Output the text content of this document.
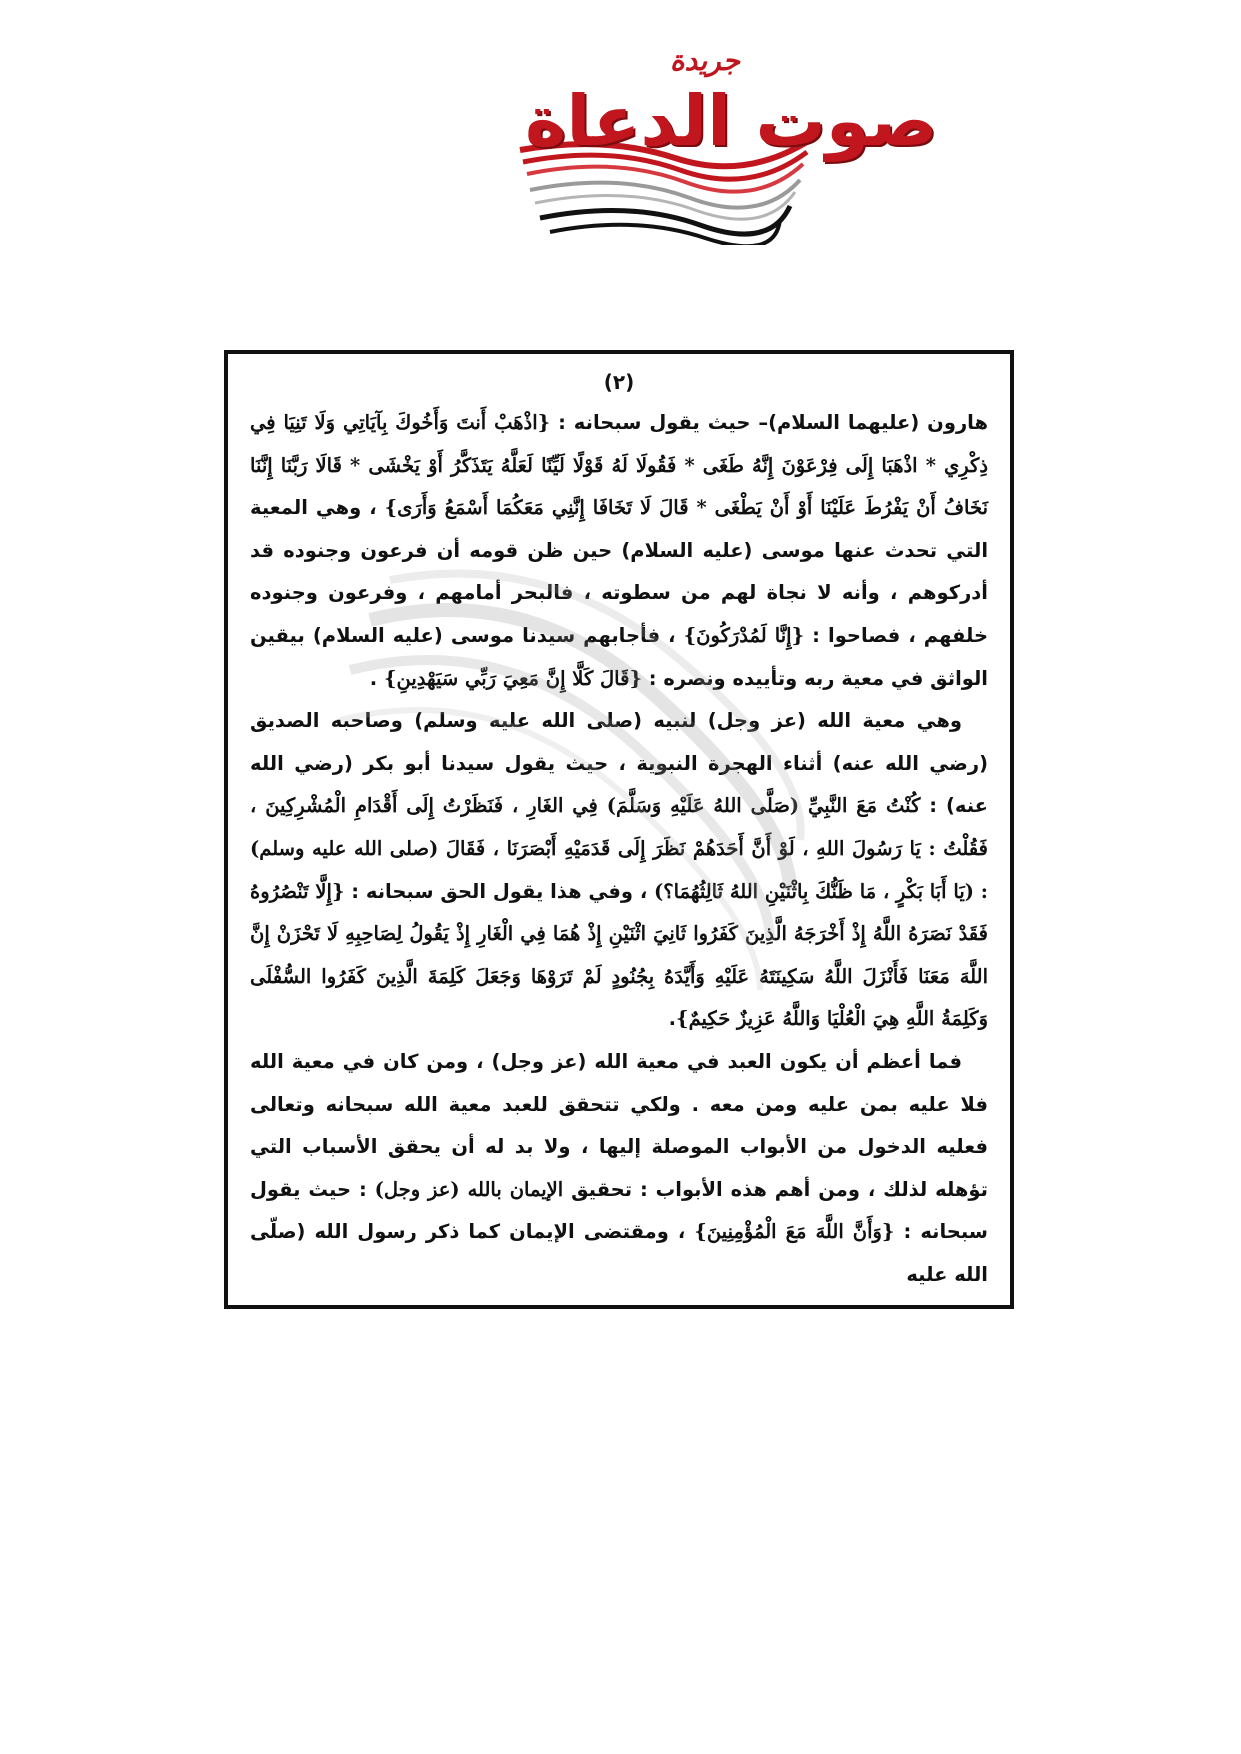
جريدة
صوت الدعاة
(٢)

هارون (عليهما السلام)– حيث يقول سبحانه : {اذْهَبْ أَنتَ وَأَخُوكَ بِآيَاتِي وَلَا تَنِيَا فِي ذِكْرِي * اذْهَبَا إِلَى فِرْعَوْنَ إِنَّهُ طَغَى * فَقُولَا لَهُ قَوْلًا لَيِّنًا لَعَلَّهُ يَتَذَكَّرُ أَوْ يَخْشَى * قَالَا رَبَّنَا إِنَّنَا نَخَافُ أَنْ يَفْرُطَ عَلَيْنَا أَوْ أَنْ يَطْغَى * قَالَ لَا تَخَافَا إِنَّنِي مَعَكُمَا أَسْمَعُ وَأَرَى} ، وهي المعية التي تحدث عنها موسى (عليه السلام) حين ظن قومه أن فرعون وجنوده قد أدركوهم ، وأنه لا نجاة لهم من سطوته ، فالبحر أمامهم ، وفرعون وجنوده خلفهم ، فصاحوا : {إِنَّا لَمُدْرَكُونَ} ، فأجابهم سيدنا موسى (عليه السلام) بيقين الواثق في معية ربه وتأييده ونصره : {قَالَ كَلَّا إِنَّ مَعِيَ رَبِّي سَيَهْدِينِ} .

وهي معية الله (عز وجل) لنبيه (صلى الله عليه وسلم) وصاحبه الصديق (رضي الله عنه) أثناء الهجرة النبوية ، حيث يقول سيدنا أبو بكر (رضي الله عنه) : كُنْتُ مَعَ النَّبِيِّ (صَلَّى اللهُ عَلَيْهِ وَسَلَّمَ) فِي الغَارِ ، فَنَظَرْتُ إِلَى أَقْدَامِ الْمُشْرِكِينَ ، فَقُلْتُ : يَا رَسُولَ اللهِ ، لَوْ أَنَّ أَحَدَهُمْ نَظَرَ إِلَى قَدَمَيْهِ أَبْصَرَنَا ، فَقَالَ (صلى الله عليه وسلم) : (يَا أَبَا بَكْرٍ ، مَا ظَنُّكَ بِاثْنَيْنِ اللهُ ثَالِثُهُمَا؟) ، وفي هذا يقول الحق سبحانه : {إِلَّا تَنْصُرُوهُ فَقَدْ نَصَرَهُ اللَّهُ إِذْ أَخْرَجَهُ الَّذِينَ كَفَرُوا ثَانِيَ اثْنَيْنِ إِذْ هُمَا فِي الْغَارِ إِذْ يَقُولُ لِصَاحِبِهِ لَا تَحْزَنْ إِنَّ اللَّهَ مَعَنَا فَأَنْزَلَ اللَّهُ سَكِينَتَهُ عَلَيْهِ وَأَيَّدَهُ بِجُنُودٍ لَمْ تَرَوْهَا وَجَعَلَ كَلِمَةَ الَّذِينَ كَفَرُوا السُّفْلَى وَكَلِمَةُ اللَّهِ هِيَ الْعُلْيَا وَاللَّهُ عَزِيزٌ حَكِيمٌ}.

فما أعظم أن يكون العبد في معية الله (عز وجل) ، ومن كان في معية الله فلا عليه بمن عليه ومن معه . ولكي تتحقق للعبد معية الله سبحانه وتعالى فعليه الدخول من الأبواب الموصلة إليها ، ولا بد له أن يحقق الأسباب التي تؤهله لذلك ، ومن أهم هذه الأبواب : تحقيق الإيمان بالله (عز وجل) : حيث يقول سبحانه : {وَأَنَّ اللَّهَ مَعَ الْمُؤْمِنِينَ} ، ومقتضى الإيمان كما ذكر رسول الله (صلّى الله عليه
